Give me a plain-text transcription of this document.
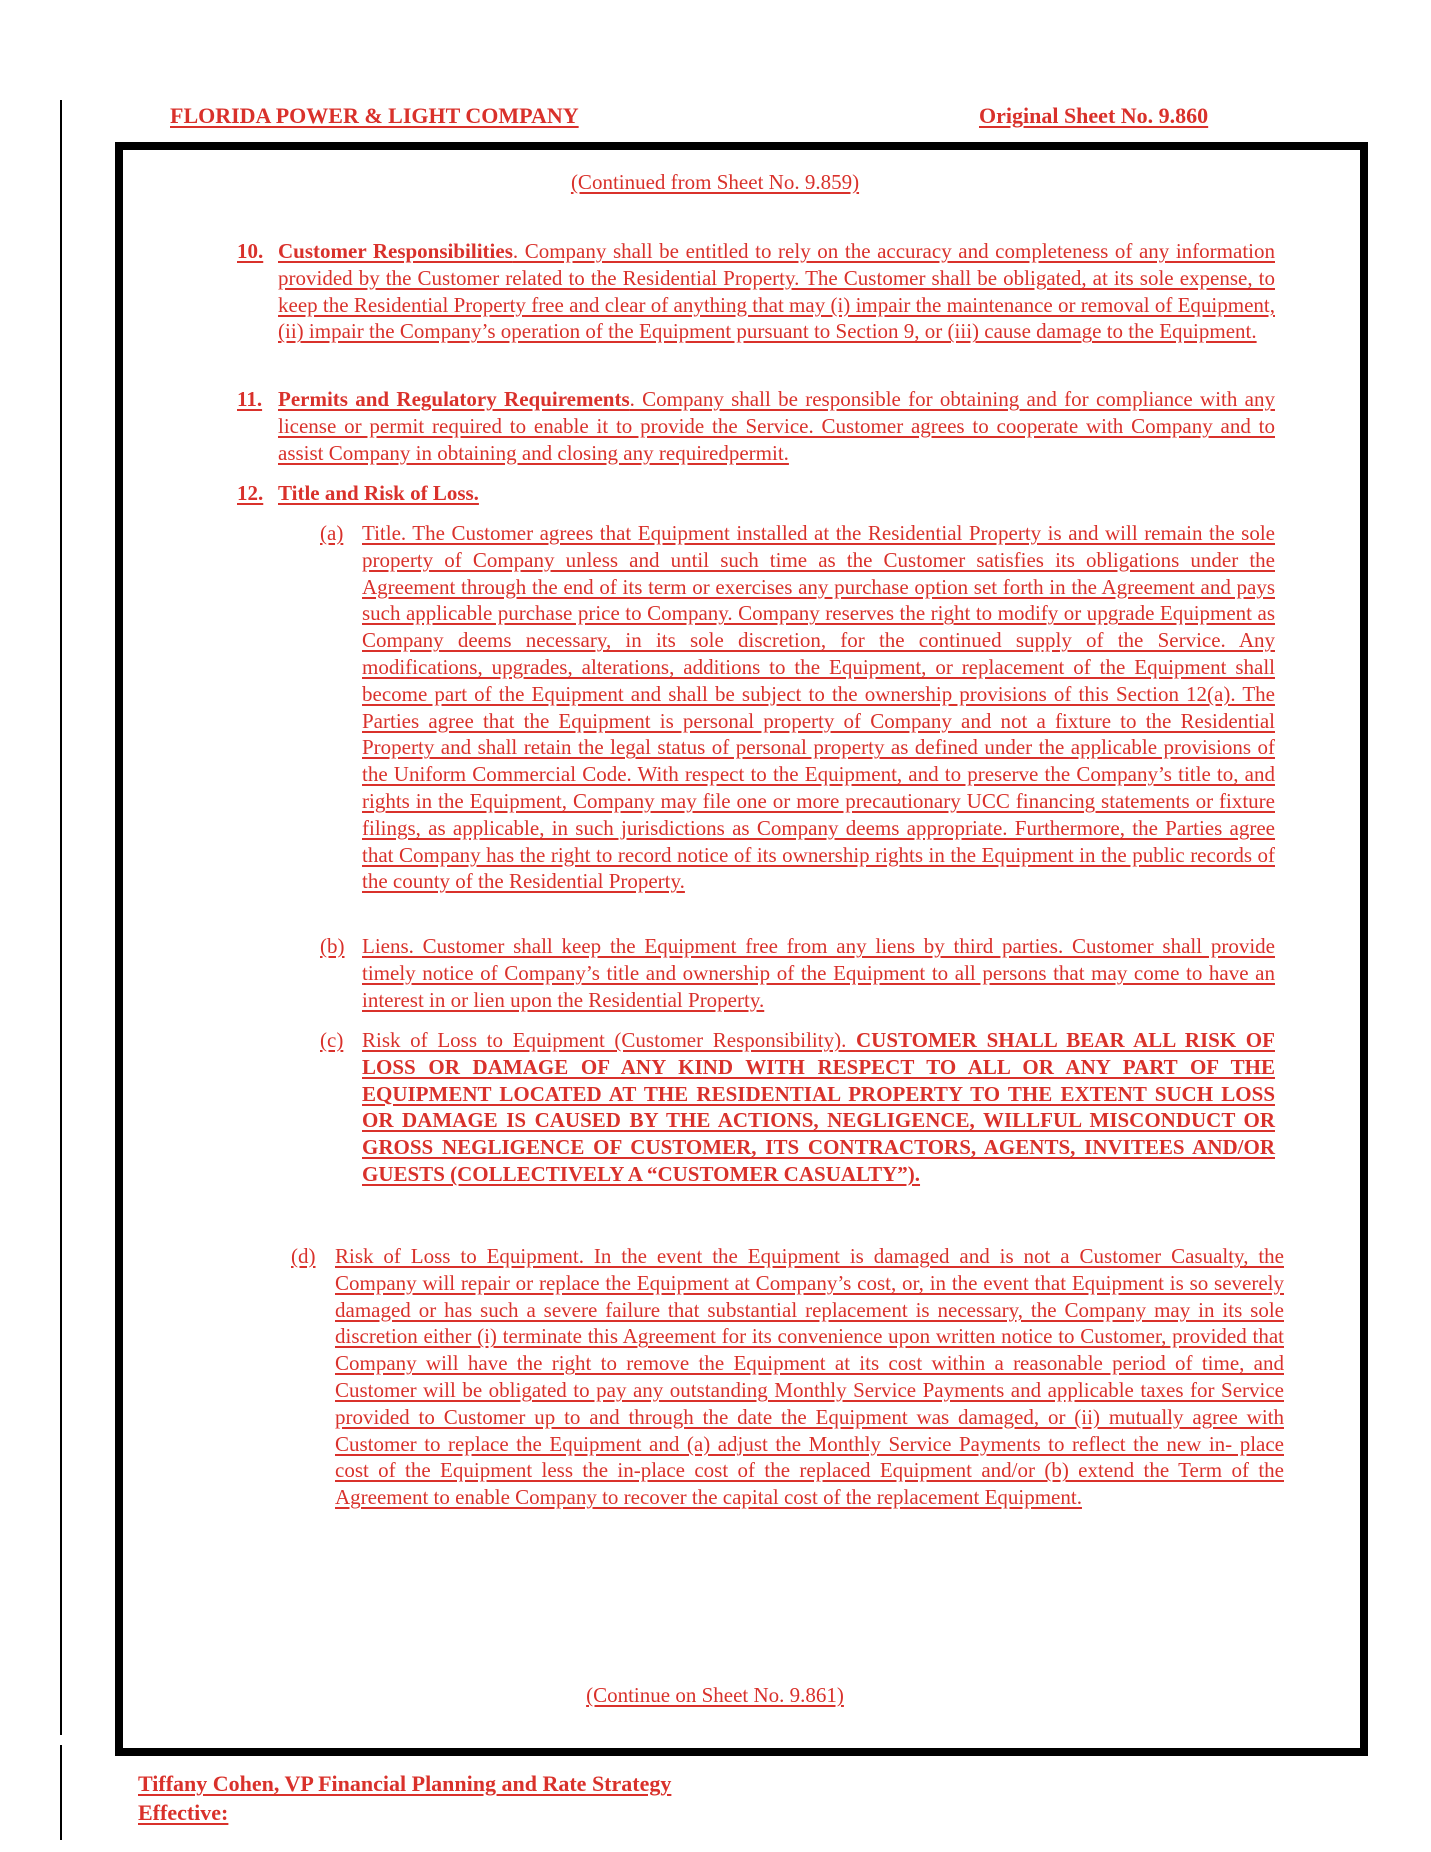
FLORIDA POWER & LIGHT COMPANY	Original Sheet No. 9.860
(Continued from Sheet No. 9.859)
10. Customer Responsibilities. Company shall be entitled to rely on the accuracy and completeness of any information provided by the Customer related to the Residential Property. The Customer shall be obligated, at its sole expense, to keep the Residential Property free and clear of anything that may (i) impair the maintenance or removal of Equipment, (ii) impair the Company’s operation of the Equipment pursuant to Section 9, or (iii) cause damage to the Equipment.
11. Permits and Regulatory Requirements. Company shall be responsible for obtaining and for compliance with any license or permit required to enable it to provide the Service. Customer agrees to cooperate with Company and to assist Company in obtaining and closing any requiredpermit.
12. Title and Risk of Loss.
(a) Title. The Customer agrees that Equipment installed at the Residential Property is and will remain the sole property of Company unless and until such time as the Customer satisfies its obligations under the Agreement through the end of its term or exercises any purchase option set forth in the Agreement and pays such applicable purchase price to Company. Company reserves the right to modify or upgrade Equipment as Company deems necessary, in its sole discretion, for the continued supply of the Service. Any modifications, upgrades, alterations, additions to the Equipment, or replacement of the Equipment shall become part of the Equipment and shall be subject to the ownership provisions of this Section 12(a). The Parties agree that the Equipment is personal property of Company and not a fixture to the Residential Property and shall retain the legal status of personal property as defined under the applicable provisions of the Uniform Commercial Code. With respect to the Equipment, and to preserve the Company’s title to, and rights in the Equipment, Company may file one or more precautionary UCC financing statements or fixture filings, as applicable, in such jurisdictions as Company deems appropriate. Furthermore, the Parties agree that Company has the right to record notice of its ownership rights in the Equipment in the public records of the county of the Residential Property.
(b) Liens. Customer shall keep the Equipment free from any liens by third parties. Customer shall provide timely notice of Company’s title and ownership of the Equipment to all persons that may come to have an interest in or lien upon the Residential Property.
(c) Risk of Loss to Equipment (Customer Responsibility). CUSTOMER SHALL BEAR ALL RISK OF LOSS OR DAMAGE OF ANY KIND WITH RESPECT TO ALL OR ANY PART OF THE EQUIPMENT LOCATED AT THE RESIDENTIAL PROPERTY TO THE EXTENT SUCH LOSS OR DAMAGE IS CAUSED BY THE ACTIONS, NEGLIGENCE, WILLFUL MISCONDUCT OR GROSS NEGLIGENCE OF CUSTOMER, ITS CONTRACTORS, AGENTS, INVITEES AND/OR GUESTS (COLLECTIVELY A “CUSTOMER CASUALTY”).
(d) Risk of Loss to Equipment. In the event the Equipment is damaged and is not a Customer Casualty, the Company will repair or replace the Equipment at Company’s cost, or, in the event that Equipment is so severely damaged or has such a severe failure that substantial replacement is necessary, the Company may in its sole discretion either (i) terminate this Agreement for its convenience upon written notice to Customer, provided that Company will have the right to remove the Equipment at its cost within a reasonable period of time, and Customer will be obligated to pay any outstanding Monthly Service Payments and applicable taxes for Service provided to Customer up to and through the date the Equipment was damaged, or (ii) mutually agree with Customer to replace the Equipment and (a) adjust the Monthly Service Payments to reflect the new in- place cost of the Equipment less the in-place cost of the replaced Equipment and/or (b) extend the Term of the Agreement to enable Company to recover the capital cost of the replacement Equipment.
(Continue on Sheet No. 9.861)
Tiffany Cohen, VP Financial Planning and Rate Strategy
Effective:
